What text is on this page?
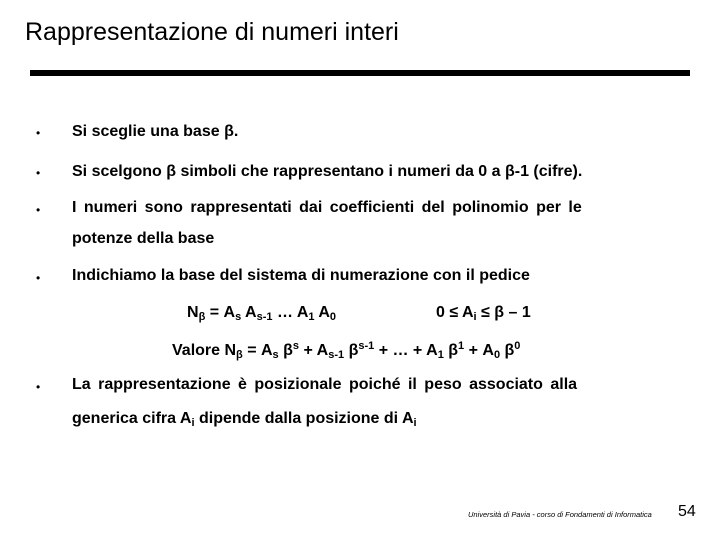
Rappresentazione di numeri interi
• Si sceglie una base β.
• Si scelgono β simboli che rappresentano i numeri da 0 a β-1 (cifre).
• I numeri sono rappresentati dai coefficienti del polinomio per le
potenze della base
• Indichiamo la base del sistema di numerazione con il pedice
$N_\beta = A_s$ $A_{s-1}$ … $A_1$ $A_0$	$0 \le A_i \le \beta - 1$
Valore $N_\beta = A_s$ $\beta^s + A_{s-1}$ $\beta^{s-1}$ + … + $A_1$ $\beta^1 + A_0$ $\beta^0$
• La rappresentazione è posizionale poiché il peso associato alla
generica cifra $A_i$ dipende dalla posizione di $A_i$
Università di Pavia - corso di Fondamenti di Informatica 54
